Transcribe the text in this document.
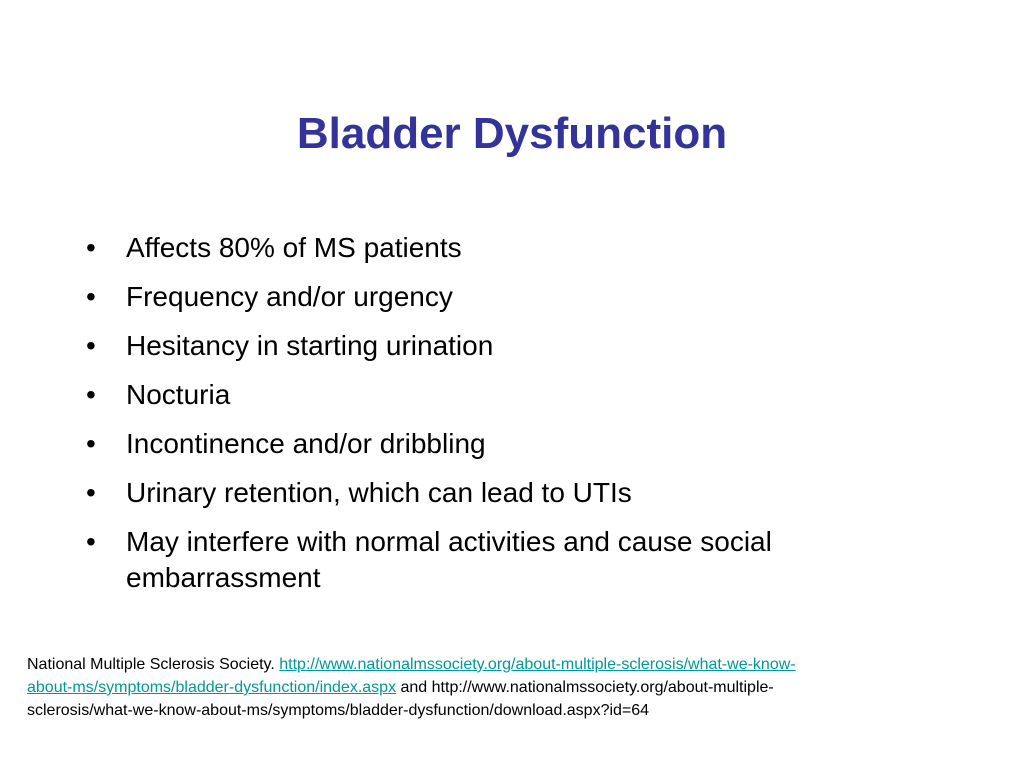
Bladder Dysfunction
•	Affects 80% of MS patients
•	Frequency and/or urgency
•	Hesitancy in starting urination
•	Nocturia
•	Incontinence and/or dribbling
•	Urinary retention, which can lead to UTIs
•	May interfere with normal activities and cause social embarrassment
National Multiple Sclerosis Society. http://www.nationalmssociety.org/about-multiple-sclerosis/what-we-know-about-ms/symptoms/bladder-dysfunction/index.aspx and http://www.nationalmssociety.org/about-multiple-sclerosis/what-we-know-about-ms/symptoms/bladder-dysfunction/download.aspx?id=64
